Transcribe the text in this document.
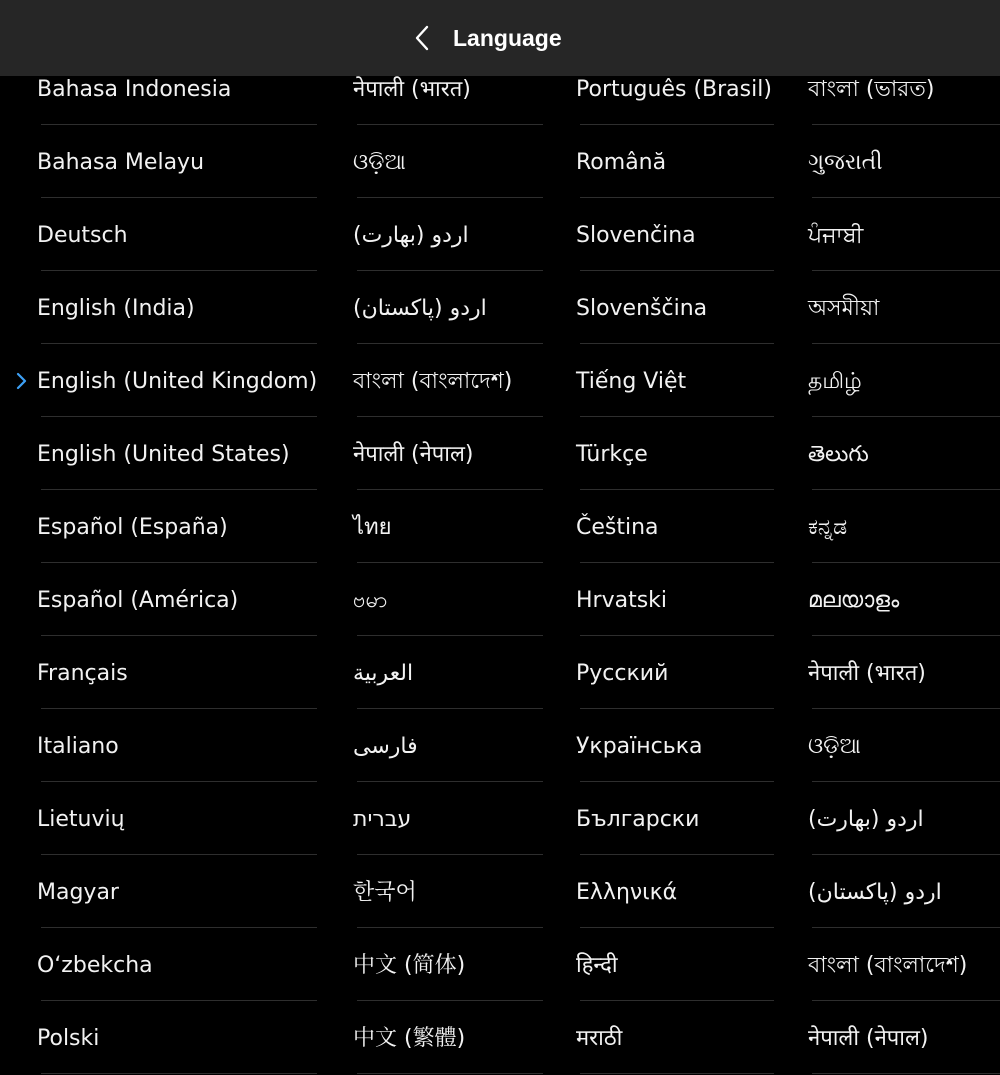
Language
Bahasa Indonesia
Bahasa Melayu
Deutsch
English (India)
English (United Kingdom)
English (United States)
Español (España)
Español (América)
Français
Italiano
Lietuvių
Magyar
O‘zbekcha
Polski
नेपाली (भारत)
ଓଡ଼ିଆ
اردو (بھارت)
اردو (پاکستان)
বাংলা (বাংলাদেশ)
नेपाली (नेपाल)
ไทย
ဗမာ
العربية
فارسی
עברית
한국어
中文 (简体)
中文 (繁體)
Português (Brasil)
Română
Slovenčina
Slovenščina
Tiếng Việt
Türkçe
Čeština
Hrvatski
Русский
Українська
Български
Ελληνικά
हिन्दी
मराठी
বাংলা (ভারত)
ગુજરાતી
ਪੰਜਾਬੀ
অসমীয়া
தமிழ்
తెలుగు
ಕನ್ನಡ
മലയാളം
नेपाली (भारत)
ଓଡ଼ିଆ
اردو (بھارت)
اردو (پاکستان)
বাংলা (বাংলাদেশ)
नेपाली (नेपाल)
